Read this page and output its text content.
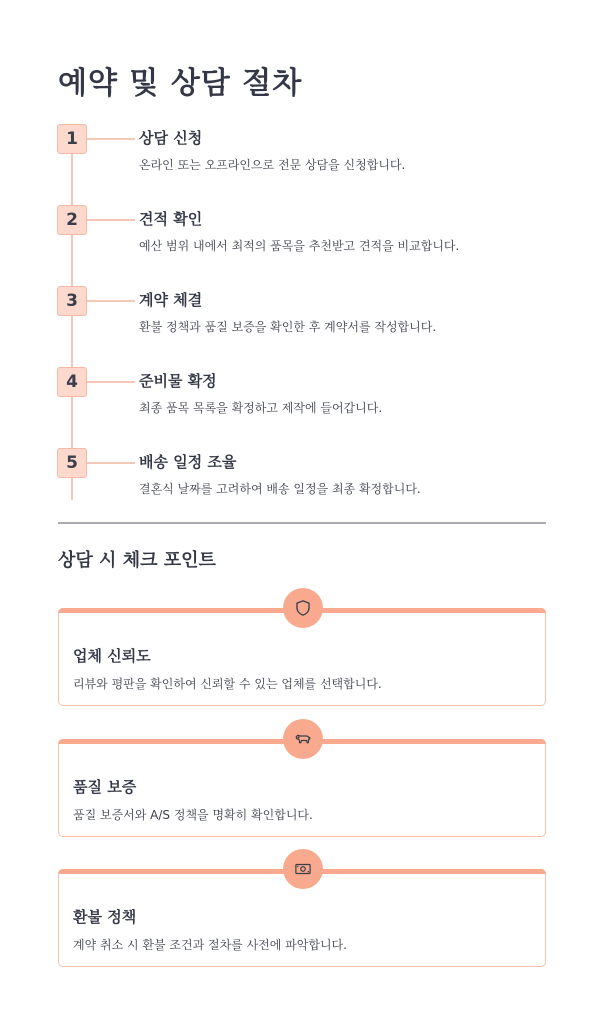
예약 및 상담 절차
1	상담 신청
온라인 또는 오프라인으로 전문 상담을 신청합니다.
2	견적 확인
예산 범위 내에서 최적의 품목을 추천받고 견적을 비교합니다.
3	계약 체결
환불 정책과 품질 보증을 확인한 후 계약서를 작성합니다.
4	준비물 확정
최종 품목 목록을 확정하고 제작에 들어갑니다.
5	배송 일정 조율
결혼식 날짜를 고려하여 배송 일정을 최종 확정합니다.
상담 시 체크 포인트
업체 신뢰도
리뷰와 평판을 확인하여 신뢰할 수 있는 업체를 선택합니다.
품질 보증
품질 보증서와 A/S 정책을 명확히 확인합니다.
환불 정책
계약 취소 시 환불 조건과 절차를 사전에 파악합니다.
